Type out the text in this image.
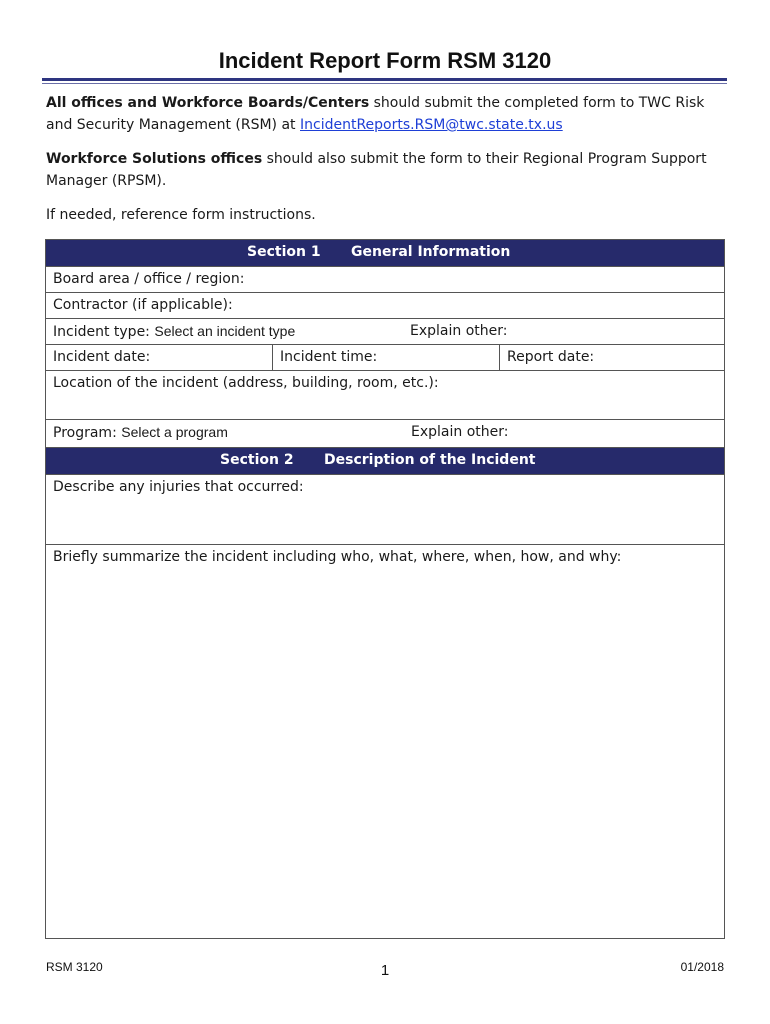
Incident Report Form RSM 3120
All offices and Workforce Boards/Centers should submit the completed form to TWC Risk and Security Management (RSM) at IncidentReports.RSM@twc.state.tx.us
Workforce Solutions offices should also submit the form to their Regional Program Support Manager (RPSM).
If needed, reference form instructions.
Section 1 General Information
Board area / office / region:
Contractor (if applicable):
Incident type: Select an incident type	Explain other:
Incident date:	Incident time:	Report date:
Location of the incident (address, building, room, etc.):
Program: Select a program	Explain other:
Section 2 Description of the Incident
Describe any injuries that occurred:
Briefly summarize the incident including who, what, where, when, how, and why:
RSM 3120	1	01/2018
